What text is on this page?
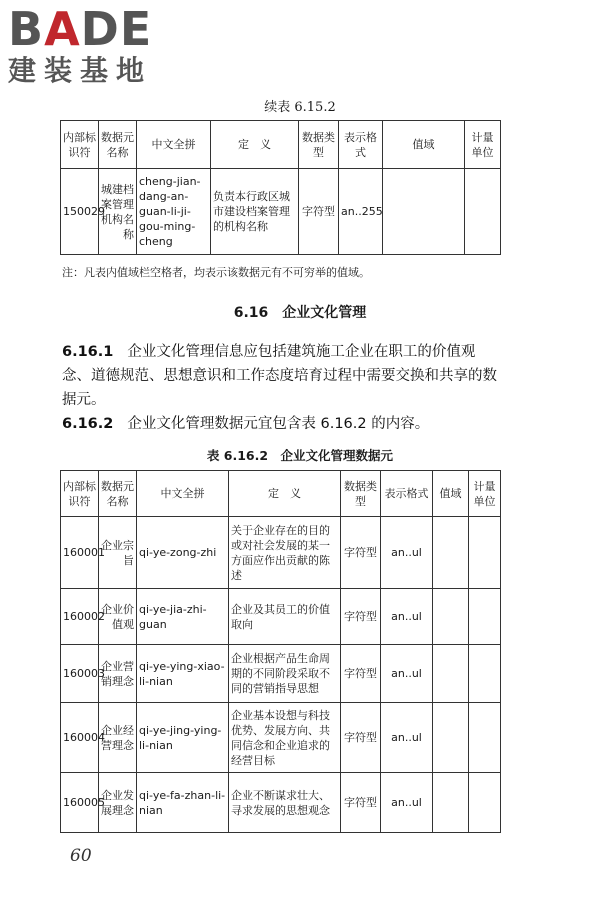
BADE
建装基地
续表 6.15.2
内部标识符	数据元名称	中文全拼	定　义	数据类型	表示格式	值域	计量单位
150029	城建档案管理机构名称	cheng-jian-dang-an-guan-li-ji-gou-ming-cheng	负责本行政区城市建设档案管理的机构名称	字符型	an..255		
注：凡表内值域栏空格者，均表示该数据元有不可穷举的值域。
6.16　企业文化管理
6.16.1 企业文化管理信息应包括建筑施工企业在职工的价值观念、道德规范、思想意识和工作态度培育过程中需要交换和共享的数据元。
6.16.2 企业文化管理数据元宜包含表 6.16.2 的内容。
表 6.16.2　企业文化管理数据元
内部标识符	数据元名称	中文全拼	定　义	数据类型	表示格式	值域	计量单位
160001	企业宗旨	qi-ye-zong-zhi	关于企业存在的目的或对社会发展的某一方面应作出贡献的陈述	字符型	an..ul		
160002	企业价值观	qi-ye-jia-zhi-guan	企业及其员工的价值取向	字符型	an..ul		
160003	企业营销理念	qi-ye-ying-xiao-li-nian	企业根据产品生命周期的不同阶段采取不同的营销指导思想	字符型	an..ul		
160004	企业经营理念	qi-ye-jing-ying-li-nian	企业基本设想与科技优势、发展方向、共同信念和企业追求的经营目标	字符型	an..ul		
160005	企业发展理念	qi-ye-fa-zhan-li-nian	企业不断谋求壮大、寻求发展的思想观念	字符型	an..ul		
60
